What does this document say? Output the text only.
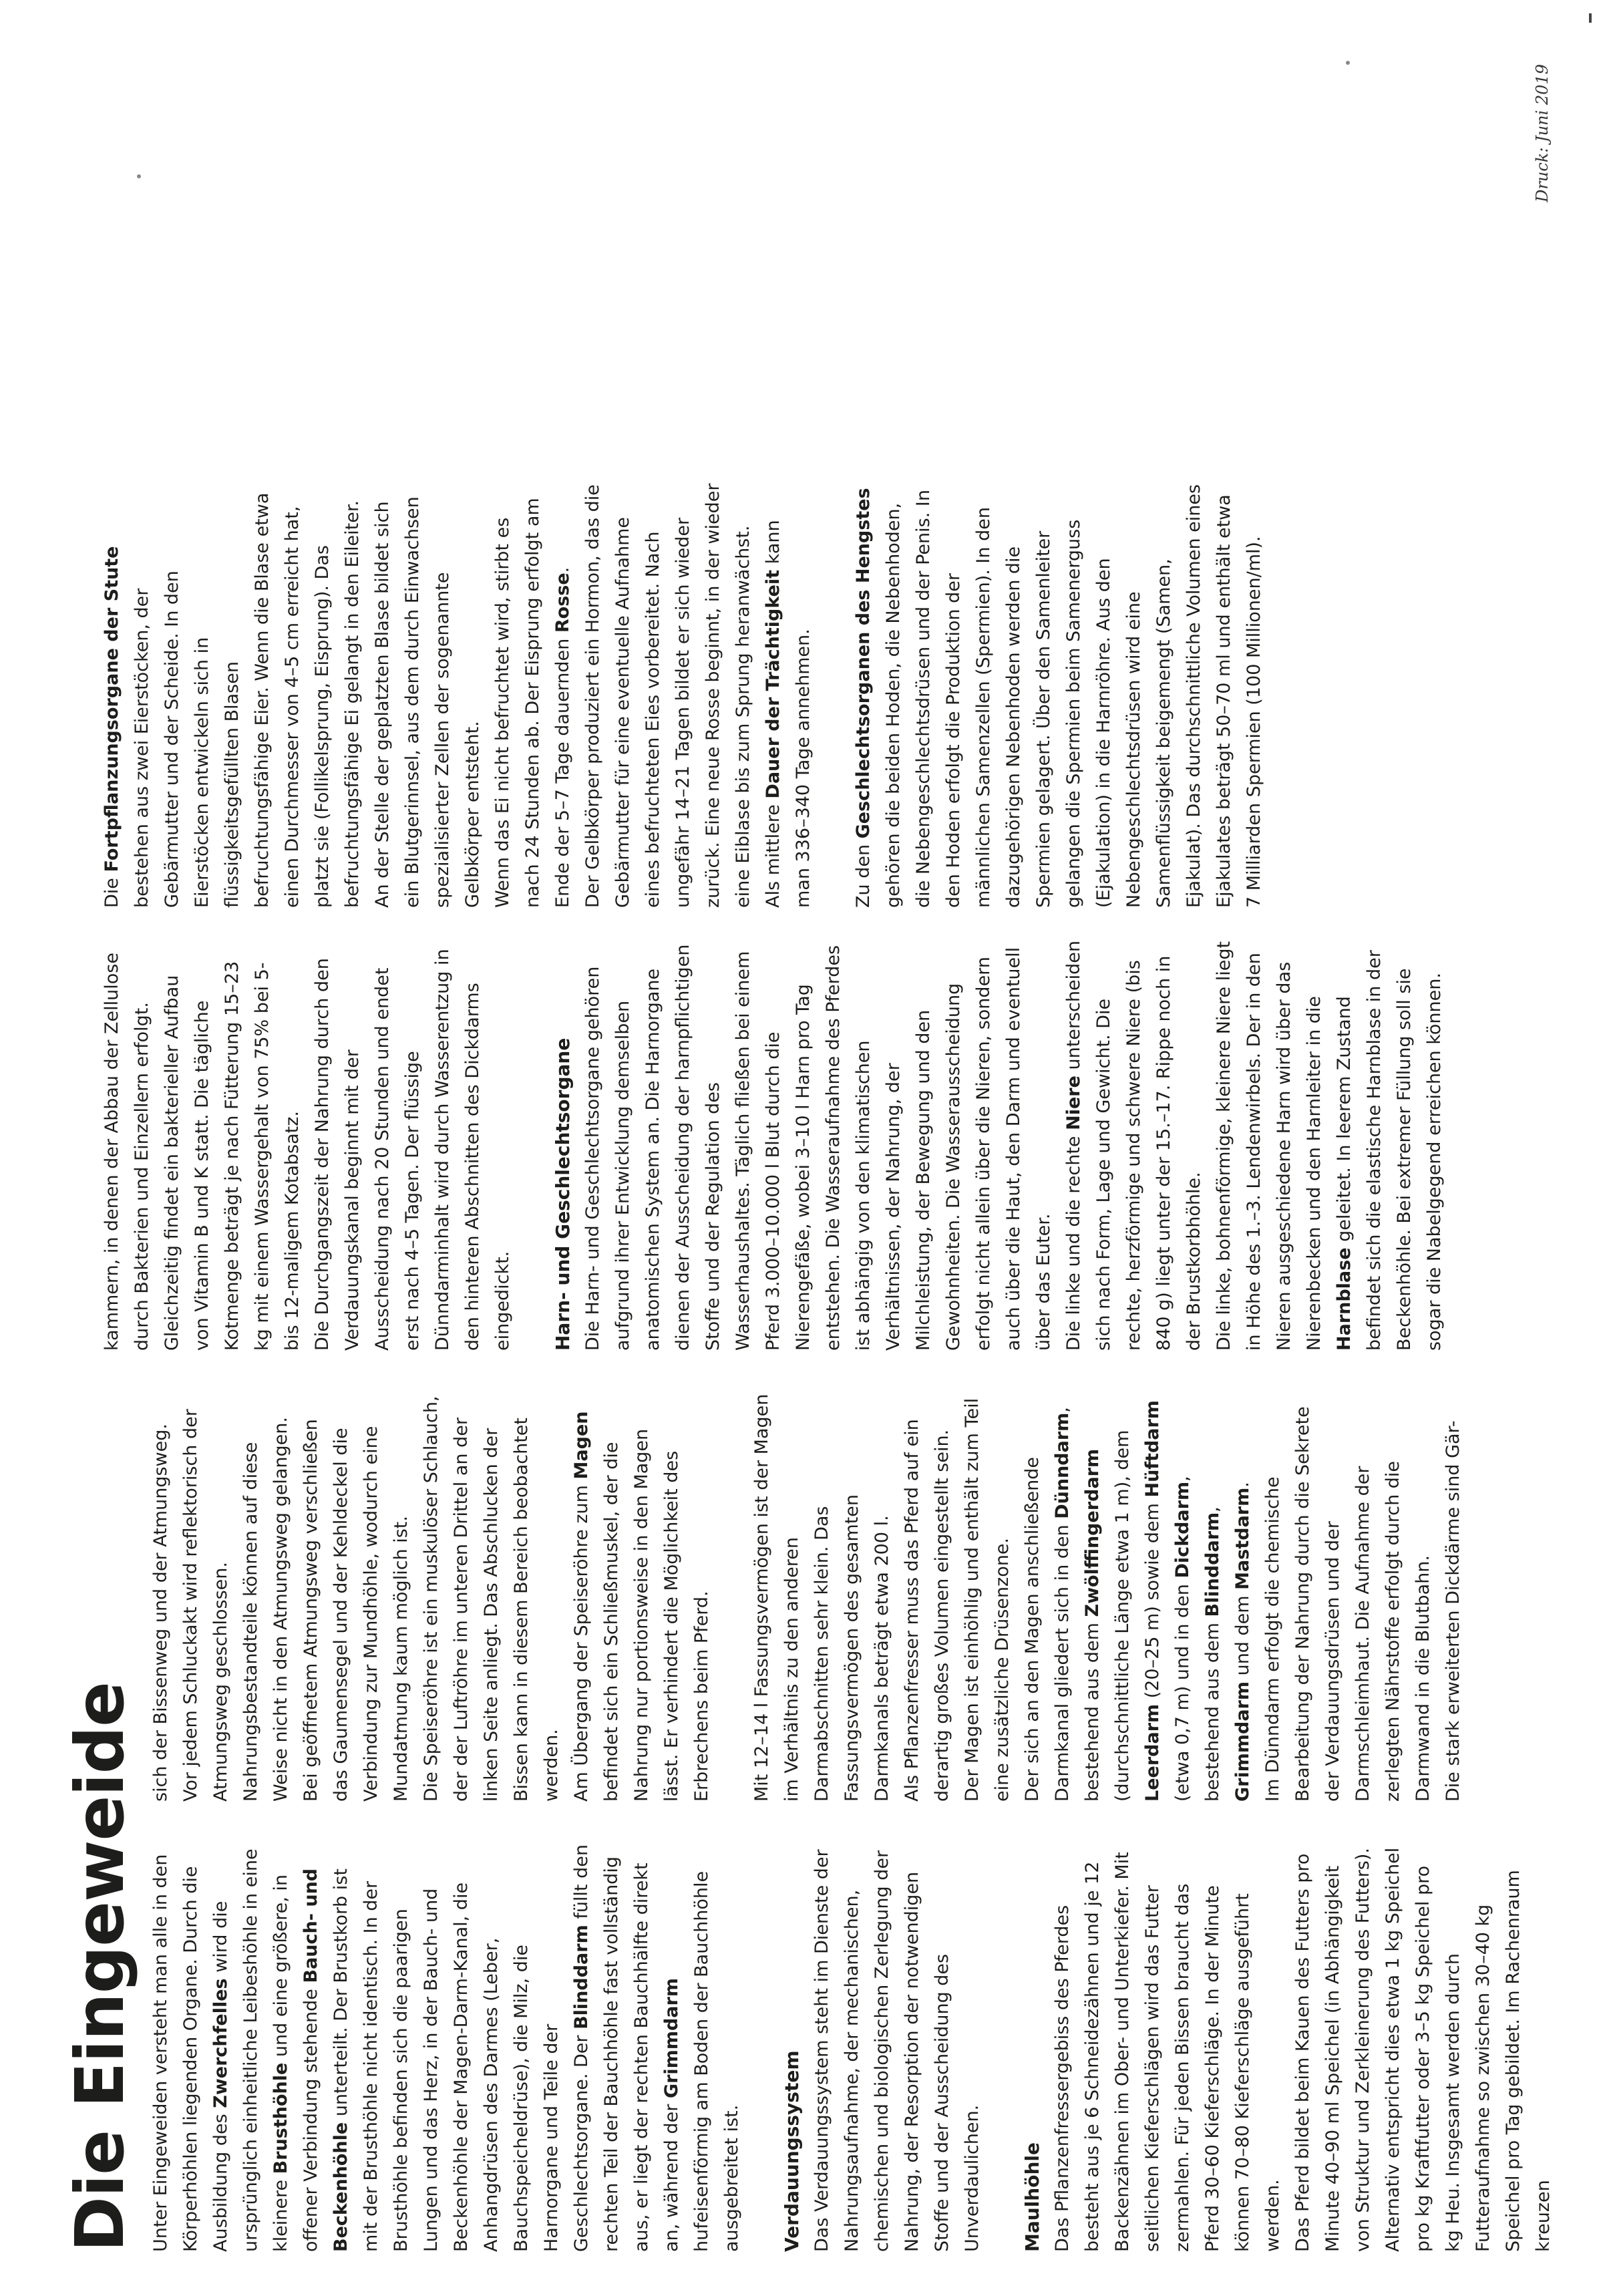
Die Eingeweide Unter Eingeweiden versteht man alle in den Körperhöhlen liegenden Organe. Durch die Ausbildung des Zwerchfelles wird die ursprünglich einheitliche Leibeshöhle in eine kleinere Brusthöhle und eine größere, in offener Verbindung stehende Bauch- und Beckenhöhle unterteilt. Der Brustkorb ist mit der Brusthöhle nicht identisch. In der Brusthöhle befinden sich die paarigen Lungen und das Herz, in der Bauch- und Beckenhöhle der Magen-Darm-Kanal, die Anhangdrüsen des Darmes (Leber, Bauchspeicheldrüse), die Milz, die Harnorgane und Teile der Geschlechtsorgane. Der Blinddarm füllt den rechten Teil der Bauchhöhle fast vollständig aus, er liegt der rechten Bauchhälfte direkt an, während der Grimmdarm hufeisenförmig am Boden der Bauchhöhle ausgebreitet ist. Verdauungssystem Das Verdauungssystem steht im Dienste der Nahrungsaufnahme, der mechanischen, chemischen und biologischen Zerlegung der Nahrung, der Resorption der notwendigen Stoffe und der Ausscheidung des Unverdaulichen. Maulhöhle Das Pflanzenfressergebiss des Pferdes besteht aus je 6 Schneidezähnen und je 12 Backenzähnen im Ober- und Unterkiefer. Mit seitlichen Kieferschlägen wird das Futter zermahlen. Für jeden Bissen braucht das Pferd 30–60 Kieferschläge. In der Minute können 70–80 Kieferschläge ausgeführt werden. Das Pferd bildet beim Kauen des Futters pro Minute 40–90 ml Speichel (in Abhängigkeit von Struktur und Zerkleinerung des Futters). Alternativ entspricht dies etwa 1 kg Speichel pro kg Kraftfutter oder 3–5 kg Speichel pro kg Heu. Insgesamt werden durch Futteraufnahme so zwischen 30–40 kg Speichel pro Tag gebildet. Im Rachenraum kreuzen

sich der Bissenweg und der Atmungsweg. Vor jedem Schluckakt wird reflektorisch der Atmungsweg geschlossen. Nahrungsbestandteile können auf diese Weise nicht in den Atmungsweg gelangen. Bei geöffnetem Atmungsweg verschließen das Gaumensegel und der Kehldeckel die Verbindung zur Mundhöhle, wodurch eine Mundatmung kaum möglich ist. Die Speiseröhre ist ein muskulöser Schlauch, der der Luftröhre im unteren Drittel an der linken Seite anliegt. Das Abschlucken der Bissen kann in diesem Bereich beobachtet werden. Am Übergang der Speiseröhre zum Magen befindet sich ein Schließmuskel, der die Nahrung nur portionsweise in den Magen lässt. Er verhindert die Möglichkeit des Erbrechens beim Pferd. Mit 12–14 l Fassungsvermögen ist der Magen im Verhältnis zu den anderen Darmabschnitten sehr klein. Das Fassungsvermögen des gesamten Darmkanals beträgt etwa 200 l. Als Pflanzenfresser muss das Pferd auf ein derartig großes Volumen eingestellt sein. Der Magen ist einhöhlig und enthält zum Teil eine zusätzliche Drüsenzone. Der sich an den Magen anschließende Darmkanal gliedert sich in den Dünndarm, bestehend aus dem Zwölffingerdarm (durchschnittliche Länge etwa 1 m), dem Leerdarm (20–25 m) sowie dem Hüftdarm (etwa 0,7 m) und in den Dickdarm, bestehend aus dem Blinddarm, Grimmdarm und dem Mastdarm. Im Dünndarm erfolgt die chemische Bearbeitung der Nahrung durch die Sekrete der Verdauungsdrüsen und der Darmschleimhaut. Die Aufnahme der zerlegten Nährstoffe erfolgt durch die Darmwand in die Blutbahn. Die stark erweiterten Dickdärme sind Gär-

kammern, in denen der Abbau der Zellulose durch Bakterien und Einzellern erfolgt. Gleichzeitig findet ein bakterieller Aufbau von Vitamin B und K statt. Die tägliche Kotmenge beträgt je nach Fütterung 15–23 kg mit einem Wassergehalt von 75% bei 5- bis 12-maligem Kotabsatz. Die Durchgangszeit der Nahrung durch den Verdauungskanal beginnt mit der Ausscheidung nach 20 Stunden und endet erst nach 4–5 Tagen. Der flüssige Dünndarminhalt wird durch Wasserentzug in den hinteren Abschnitten des Dickdarms eingedickt. Harn- und Geschlechtsorgane Die Harn- und Geschlechtsorgane gehören aufgrund ihrer Entwicklung demselben anatomischen System an. Die Harnorgane dienen der Ausscheidung der harnpflichtigen Stoffe und der Regulation des Wasserhaushaltes. Täglich fließen bei einem Pferd 3.000–10.000 l Blut durch die Nierengefäße, wobei 3–10 l Harn pro Tag entstehen. Die Wasseraufnahme des Pferdes ist abhängig von den klimatischen Verhältnissen, der Nahrung, der Milchleistung, der Bewegung und den Gewohnheiten. Die Wasserausscheidung erfolgt nicht allein über die Nieren, sondern auch über die Haut, den Darm und eventuell über das Euter. Die linke und die rechte Niere unterscheiden sich nach Form, Lage und Gewicht. Die rechte, herzförmige und schwere Niere (bis 840 g) liegt unter der 15.–17. Rippe noch in der Brustkorbhöhle. Die linke, bohnenförmige, kleinere Niere liegt in Höhe des 1.–3. Lendenwirbels. Der in den Nieren ausgeschiedene Harn wird über das Nierenbecken und den Harnleiter in die Harnblase geleitet. In leerem Zustand befindet sich die elastische Harnblase in der Beckenhöhle. Bei extremer Füllung soll sie sogar die Nabelgegend erreichen können.

Die Fortpflanzungsorgane der Stute bestehen aus zwei Eierstöcken, der Gebärmutter und der Scheide. In den Eierstöcken entwickeln sich in flüssigkeitsgefüllten Blasen befruchtungsfähige Eier. Wenn die Blase etwa einen Durchmesser von 4–5 cm erreicht hat, platzt sie (Follikelsprung, Eisprung). Das befruchtungsfähige Ei gelangt in den Eileiter. An der Stelle der geplatzten Blase bildet sich ein Blutgerinnsel, aus dem durch Einwachsen spezialisierter Zellen der sogenannte Gelbkörper entsteht. Wenn das Ei nicht befruchtet wird, stirbt es nach 24 Stunden ab. Der Eisprung erfolgt am Ende der 5–7 Tage dauernden Rosse. Der Gelbkörper produziert ein Hormon, das die Gebärmutter für eine eventuelle Aufnahme eines befruchteten Eies vorbereitet. Nach ungefähr 14–21 Tagen bildet er sich wieder zurück. Eine neue Rosse beginnt, in der wieder eine Eiblase bis zum Sprung heranwächst. Als mittlere Dauer der Trächtigkeit kann man 336–340 Tage annehmen. Zu den Geschlechtsorganen des Hengstes gehören die beiden Hoden, die Nebenhoden, die Nebengeschlechtsdrüsen und der Penis. In den Hoden erfolgt die Produktion der männlichen Samenzellen (Spermien). In den dazugehörigen Nebenhoden werden die Spermien gelagert. Über den Samenleiter gelangen die Spermien beim Samenerguss (Ejakulation) in die Harnröhre. Aus den Nebengeschlechtsdrüsen wird eine Samenflüssigkeit beigemengt (Samen, Ejakulat). Das durchschnittliche Volumen eines Ejakulates beträgt 50–70 ml und enthält etwa 7 Milliarden Spermien (100 Millionen/ml).

Druck: Juni 2019
